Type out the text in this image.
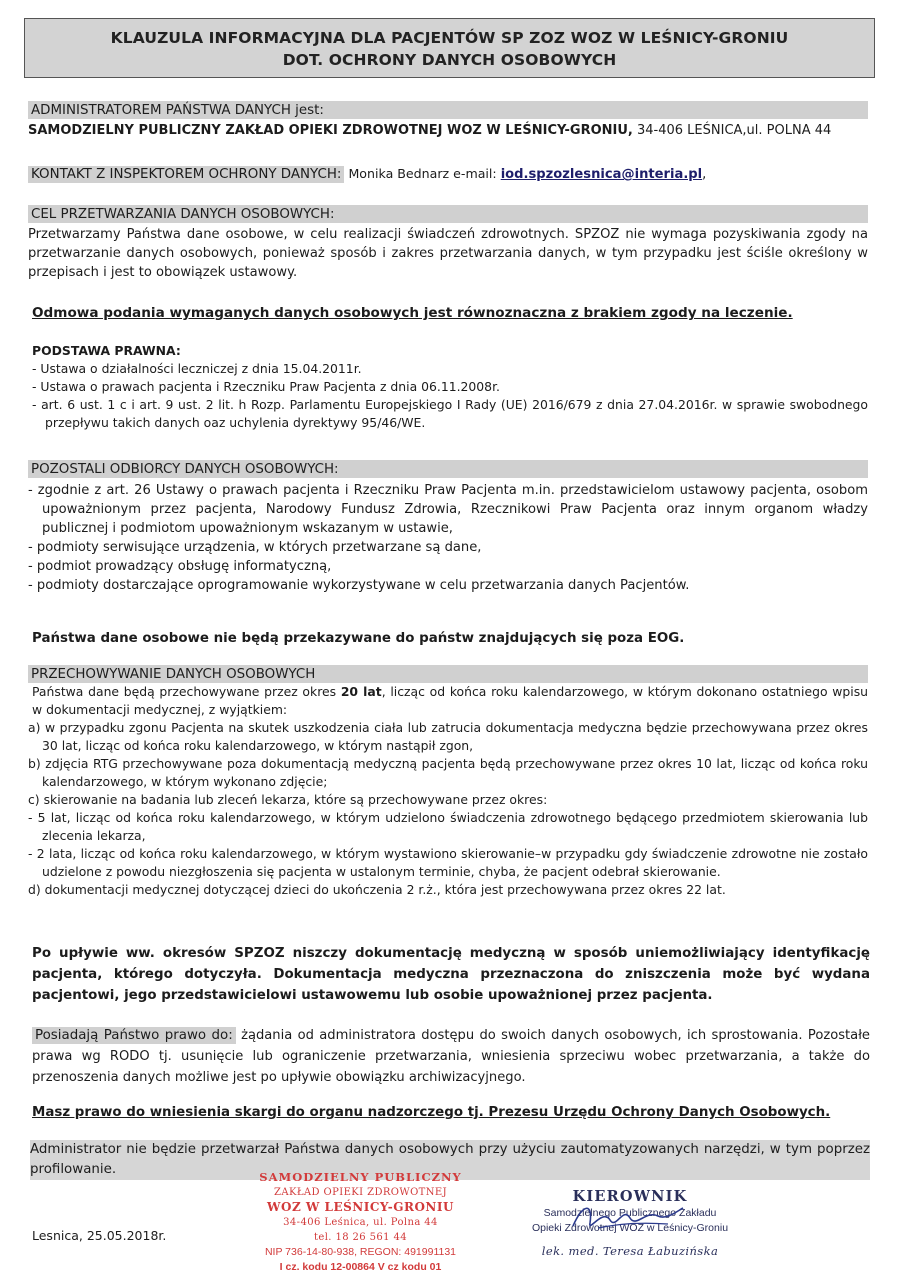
KLAUZULA INFORMACYJNA DLA PACJENTÓW SP ZOZ WOZ W LEŚNICY-GRONIU
DOT. OCHRONY DANYCH OSOBOWYCH
ADMINISTRATOREM PAŃSTWA DANYCH jest:

SAMODZIELNY PUBLICZNY ZAKŁAD OPIEKI ZDROWOTNEJ WOZ W LEŚNICY-GRONIU, 34-406 LEŚNICA,ul. POLNA 44

KONTAKT Z INSPEKTOREM OCHRONY DANYCH: Monika Bednarz e-mail: iod.spzozlesnica@interia.pl,

CEL PRZETWARZANIA DANYCH OSOBOWYCH:

Przetwarzamy Państwa dane osobowe, w celu realizacji świadczeń zdrowotnych. SPZOZ nie wymaga pozyskiwania zgody na przetwarzanie danych osobowych, ponieważ sposób i zakres przetwarzania danych, w tym przypadku jest ściśle określony w przepisach i jest to obowiązek ustawowy.

Odmowa podania wymaganych danych osobowych jest równoznaczna z brakiem zgody na leczenie.

PODSTAWA PRAWNA:

- Ustawa o działalności leczniczej z dnia 15.04.2011r.

- Ustawa o prawach pacjenta i Rzeczniku Praw Pacjenta z dnia 06.11.2008r.

- art. 6 ust. 1 c i art. 9 ust. 2 lit. h Rozp. Parlamentu Europejskiego I Rady (UE) 2016/679 z dnia 27.04.2016r. w sprawie swobodnego przepływu takich danych oaz uchylenia dyrektywy 95/46/WE.

POZOSTALI ODBIORCY DANYCH OSOBOWYCH:

- zgodnie z art. 26 Ustawy o prawach pacjenta i Rzeczniku Praw Pacjenta m.in. przedstawicielom ustawowy pacjenta, osobom upoważnionym przez pacjenta, Narodowy Fundusz Zdrowia, Rzecznikowi Praw Pacjenta oraz innym organom władzy publicznej i podmiotom upoważnionym wskazanym w ustawie,

- podmioty serwisujące urządzenia, w których przetwarzane są dane,

- podmiot prowadzący obsługę informatyczną,

- podmioty dostarczające oprogramowanie wykorzystywane w celu przetwarzania danych Pacjentów.

Państwa dane osobowe nie będą przekazywane do państw znajdujących się poza EOG.

PRZECHOWYWANIE DANYCH OSOBOWYCH

Państwa dane będą przechowywane przez okres 20 lat, licząc od końca roku kalendarzowego, w którym dokonano ostatniego wpisu w dokumentacji medycznej, z wyjątkiem:

a) w przypadku zgonu Pacjenta na skutek uszkodzenia ciała lub zatrucia dokumentacja medyczna będzie przechowywana przez okres 30 lat, licząc od końca roku kalendarzowego, w którym nastąpił zgon,

b) zdjęcia RTG przechowywane poza dokumentacją medyczną pacjenta będą przechowywane przez okres 10 lat, licząc od końca roku kalendarzowego, w którym wykonano zdjęcie;

c) skierowanie na badania lub zleceń lekarza, które są przechowywane przez okres:

- 5 lat, licząc od końca roku kalendarzowego, w którym udzielono świadczenia zdrowotnego będącego przedmiotem skierowania lub zlecenia lekarza,

- 2 lata, licząc od końca roku kalendarzowego, w którym wystawiono skierowanie–w przypadku gdy świadczenie zdrowotne nie zostało udzielone z powodu niezgłoszenia się pacjenta w ustalonym terminie, chyba, że pacjent odebrał skierowanie.

d) dokumentacji medycznej dotyczącej dzieci do ukończenia 2 r.ż., która jest przechowywana przez okres 22 lat.

Po upływie ww. okresów SPZOZ niszczy dokumentację medyczną w sposób uniemożliwiający identyfikację pacjenta, którego dotyczyła. Dokumentacja medyczna przeznaczona do zniszczenia może być wydana pacjentowi, jego przedstawicielowi ustawowemu lub osobie upoważnionej przez pacjenta.

Posiadają Państwo prawo do: żądania od administratora dostępu do swoich danych osobowych, ich sprostowania. Pozostałe prawa wg RODO tj. usunięcie lub ograniczenie przetwarzania, wniesienia sprzeciwu wobec przetwarzania, a także do przenoszenia danych możliwe jest po upływie obowiązku archiwizacyjnego.

Masz prawo do wniesienia skargi do organu nadzorczego tj. Prezesu Urzędu Ochrony Danych Osobowych.

Administrator nie będzie przetwarzał Państwa danych osobowych przy użyciu zautomatyzowanych narzędzi, w tym poprzez profilowanie.	SAMODZIELNY PUBLICZNY
ZAKŁAD OPIEKI ZDROWOTNEJ
WOZ W LEŚNICY-GRONIU
34-406 Leśnica, ul. Polna 44
tel. 18 26 561 44
NIP 736-14-80-938, REGON: 491991131
I cz. kodu 12-00864 V cz kodu 01
KIEROWNIK
Samodzielnego Publicznego Zakładu
Opieki Zdrowotnej WOZ w Leśnicy-Groniu
lek. med. Teresa Łabuzińska
Lesnica, 25.05.2018r.
